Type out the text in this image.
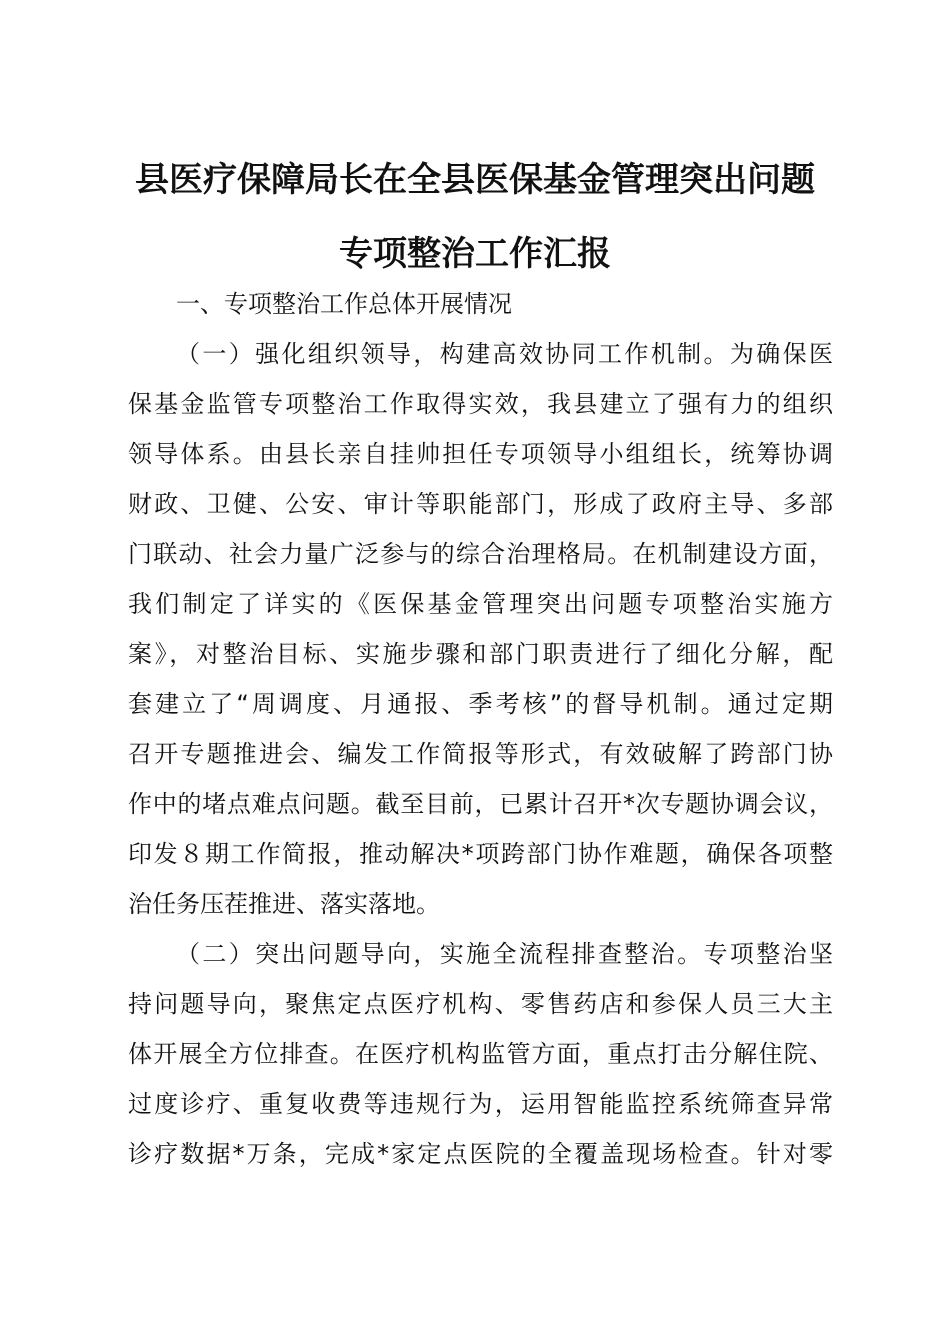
县医疗保障局长在全县医保基金管理突出问题
专项整治工作汇报
一、专项整治工作总体开展情况
（一）强化组织领导，构建高效协同工作机制。为确保医
保基金监管专项整治工作取得实效，我县建立了强有力的组织
领导体系。由县长亲自挂帅担任专项领导小组组长，统筹协调
财政、卫健、公安、审计等职能部门，形成了政府主导、多部
门联动、社会力量广泛参与的综合治理格局。在机制建设方面，
我们制定了详实的《医保基金管理突出问题专项整治实施方
案》，对整治目标、实施步骤和部门职责进行了细化分解，配
套建立了“周调度、月通报、季考核”的督导机制。通过定期
召开专题推进会、编发工作简报等形式，有效破解了跨部门协
作中的堵点难点问题。截至目前，已累计召开*次专题协调会议，
印发８期工作简报，推动解决*项跨部门协作难题，确保各项整
治任务压茬推进、落实落地。
（二）突出问题导向，实施全流程排查整治。专项整治坚
持问题导向，聚焦定点医疗机构、零售药店和参保人员三大主
体开展全方位排查。在医疗机构监管方面，重点打击分解住院、
过度诊疗、重复收费等违规行为，运用智能监控系统筛查异常
诊疗数据*万条，完成*家定点医院的全覆盖现场检查。针对零
